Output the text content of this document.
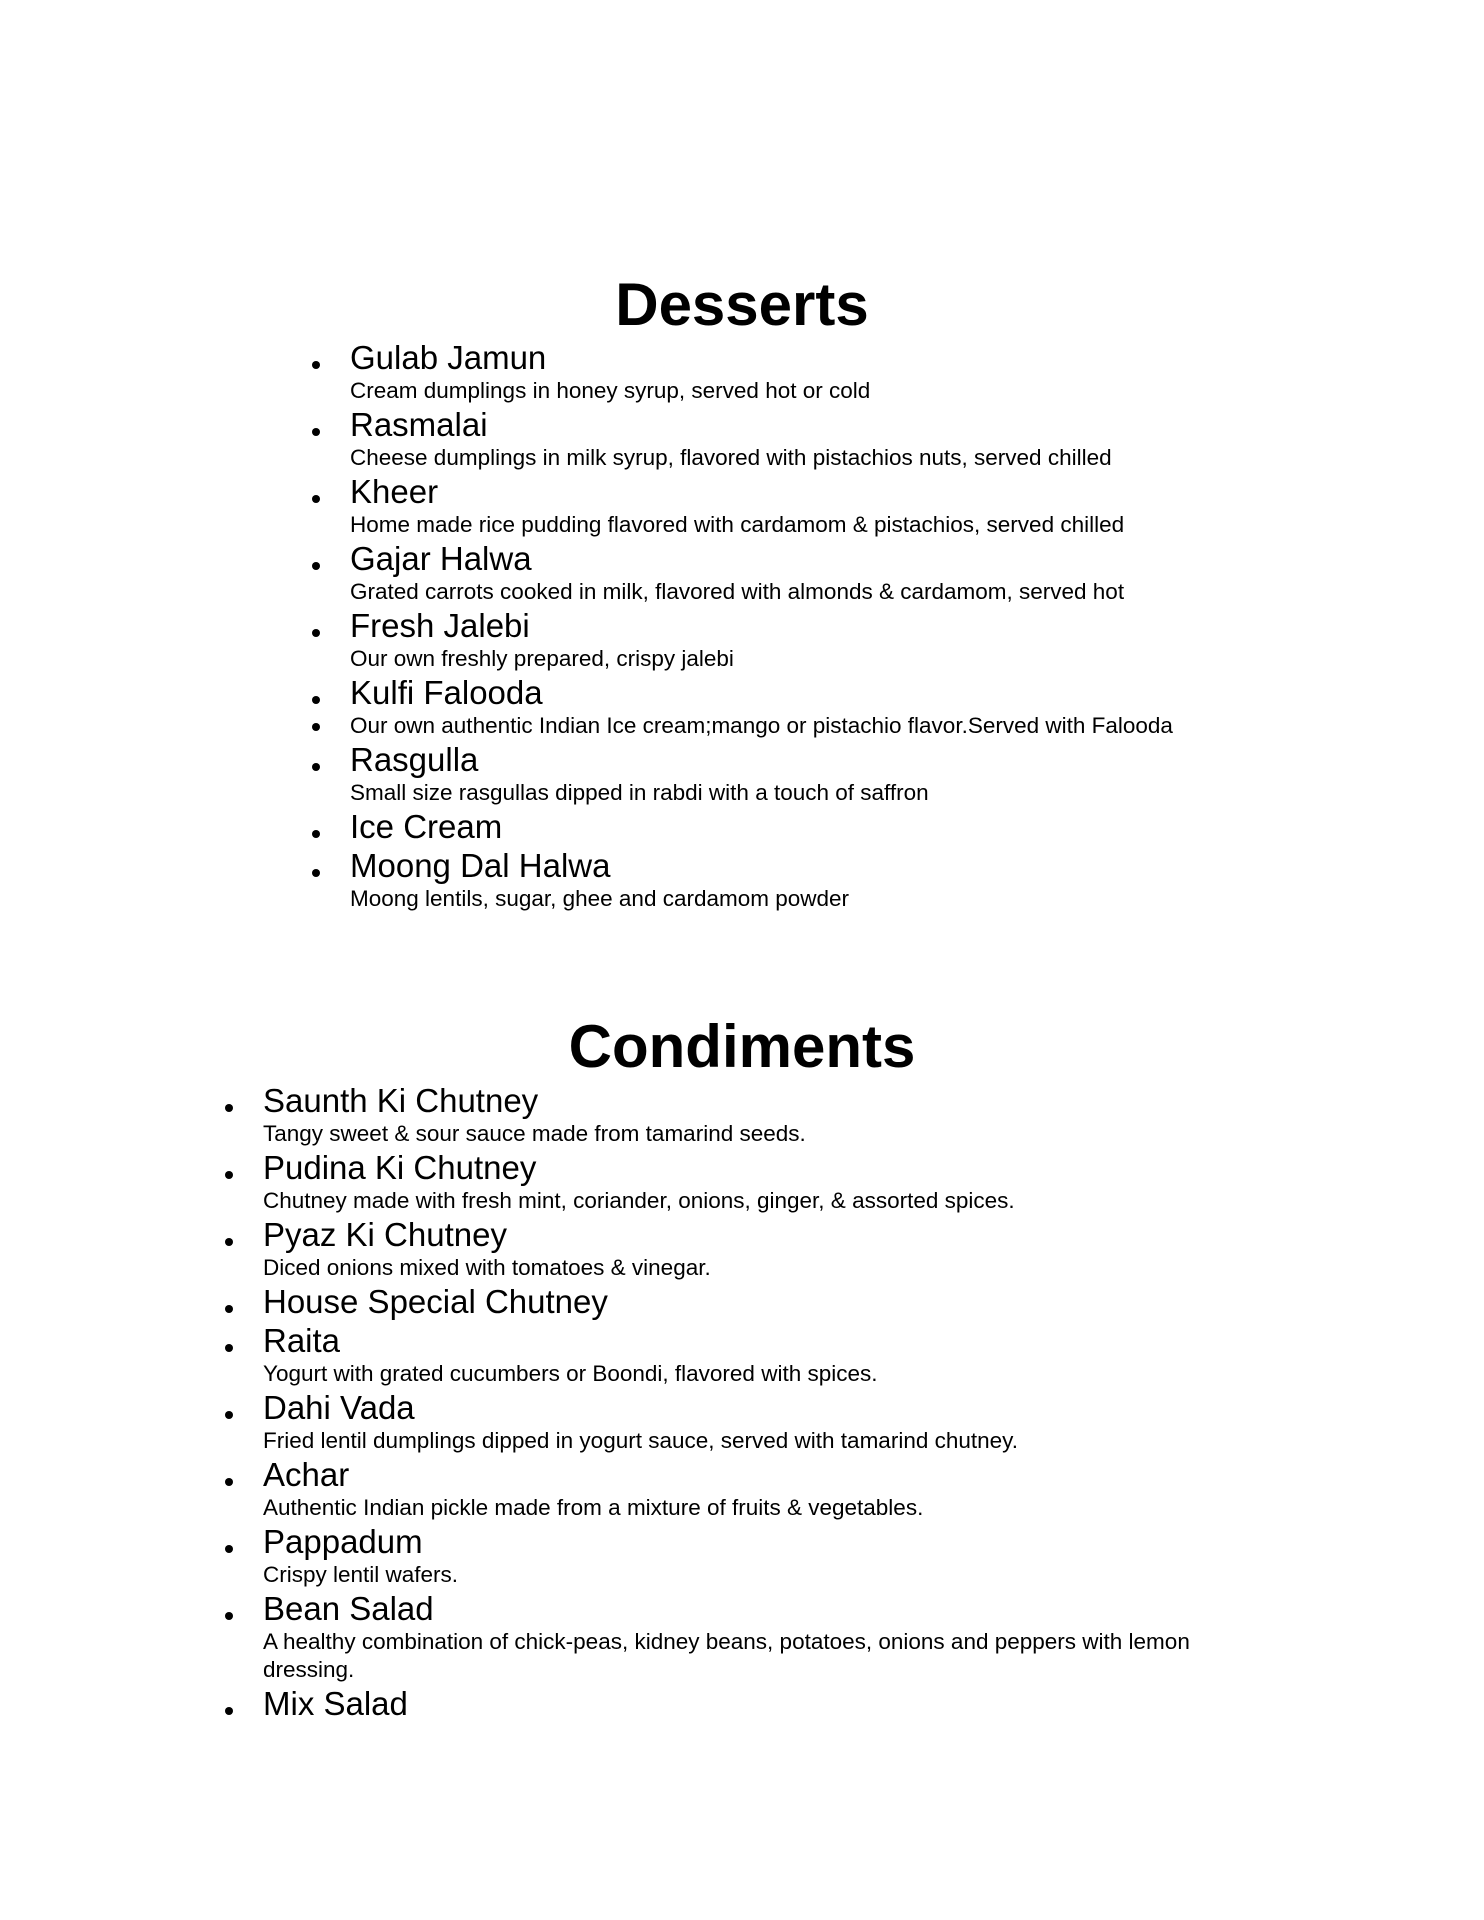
Desserts
Gulab Jamun
Cream dumplings in honey syrup, served hot or cold
Rasmalai
Cheese dumplings in milk syrup, flavored with pistachios nuts, served chilled
Kheer
Home made rice pudding flavored with cardamom & pistachios, served chilled
Gajar Halwa
Grated carrots cooked in milk, flavored with almonds & cardamom, served hot
Fresh Jalebi
Our own freshly prepared, crispy jalebi
Kulfi Falooda
Our own authentic Indian Ice cream;mango or pistachio flavor.Served with Falooda
Rasgulla
Small size rasgullas dipped in rabdi with a touch of saffron
Ice Cream
Moong Dal Halwa
Moong lentils, sugar, ghee and cardamom powder
Condiments
Saunth Ki Chutney
Tangy sweet & sour sauce made from tamarind seeds.
Pudina Ki Chutney
Chutney made with fresh mint, coriander, onions, ginger, & assorted spices.
Pyaz Ki Chutney
Diced onions mixed with tomatoes & vinegar.
House Special Chutney
Raita
Yogurt with grated cucumbers or Boondi, flavored with spices.
Dahi Vada
Fried lentil dumplings dipped in yogurt sauce, served with tamarind chutney.
Achar
Authentic Indian pickle made from a mixture of fruits & vegetables.
Pappadum
Crispy lentil wafers.
Bean Salad
A healthy combination of chick-peas, kidney beans, potatoes, onions and peppers with lemon dressing.
Mix Salad
